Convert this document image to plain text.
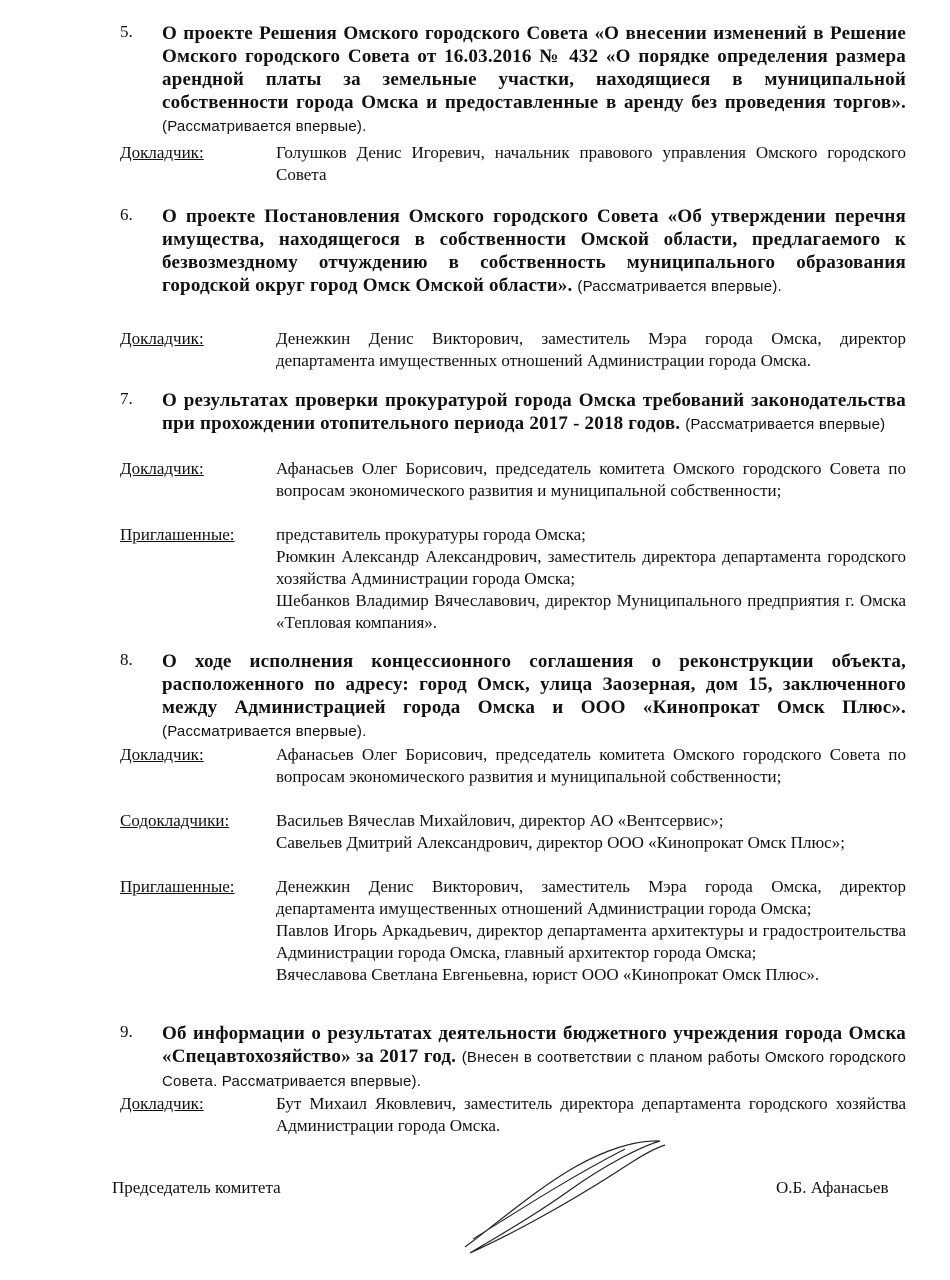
5. О проекте Решения Омского городского Совета «О внесении изменений в Решение Омского городского Совета от 16.03.2016 № 432 «О порядке определения размера арендной платы за земельные участки, находящиеся в муниципальной собственности города Омска и предоставленные в аренду без проведения торгов». (Рассматривается впервые).
Докладчик:	Голушков Денис Игоревич, начальник правового управления Омского городского Совета

6. О проекте Постановления Омского городского Совета «Об утверждении перечня имущества, находящегося в собственности Омской области, предлагаемого к безвозмездному отчуждению в собственность муниципального образования городской округ город Омск Омской области». (Рассматривается впервые).
Докладчик:	Денежкин Денис Викторович, заместитель Мэра города Омска, директор департамента имущественных отношений Администрации города Омска.

7. О результатах проверки прокуратурой города Омска требований законодательства при прохождении отопительного периода 2017 - 2018 годов. (Рассматривается впервые)
Докладчик:	Афанасьев Олег Борисович, председатель комитета Омского городского Совета по вопросам экономического развития и муниципальной собственности;

Приглашенные: представитель прокуратуры города Омска;

Рюмкин Александр Александрович, заместитель директора департамента городского хозяйства Администрации города Омска;

Шебанков Владимир Вячеславович, директор Муниципального предприятия г. Омска «Тепловая компания».

8. О ходе исполнения концессионного соглашения о реконструкции объекта, расположенного по адресу: город Омск, улица Заозерная, дом 15, заключенного между Администрацией города Омска и ООО «Кинопрокат Омск Плюс». (Рассматривается впервые).
Докладчик:	Афанасьев Олег Борисович, председатель комитета Омского городского Совета по вопросам экономического развития и муниципальной собственности;

Содокладчики:	Васильев Вячеслав Михайлович, директор АО «Вентсервис»;

Савельев Дмитрий Александрович, директор ООО «Кинопрокат Омск Плюс»;

Приглашенные: Денежкин Денис Викторович, заместитель Мэра города Омска, директор департамента имущественных отношений Администрации города Омска;

Павлов Игорь Аркадьевич, директор департамента архитектуры и градостроительства Администрации города Омска, главный архитектор города Омска;

Вячеславова Светлана Евгеньевна, юрист ООО «Кинопрокат Омск Плюс».

9. Об информации о результатах деятельности бюджетного учреждения города Омска «Спецавтохозяйство» за 2017 год. (Внесен в соответствии с планом работы Омского городского Совета. Рассматривается впервые).
Докладчик:	Бут Михаил Яковлевич, заместитель директора департамента городского хозяйства Администрации города Омска.

Председатель комитета	О.Б. Афанасьев
